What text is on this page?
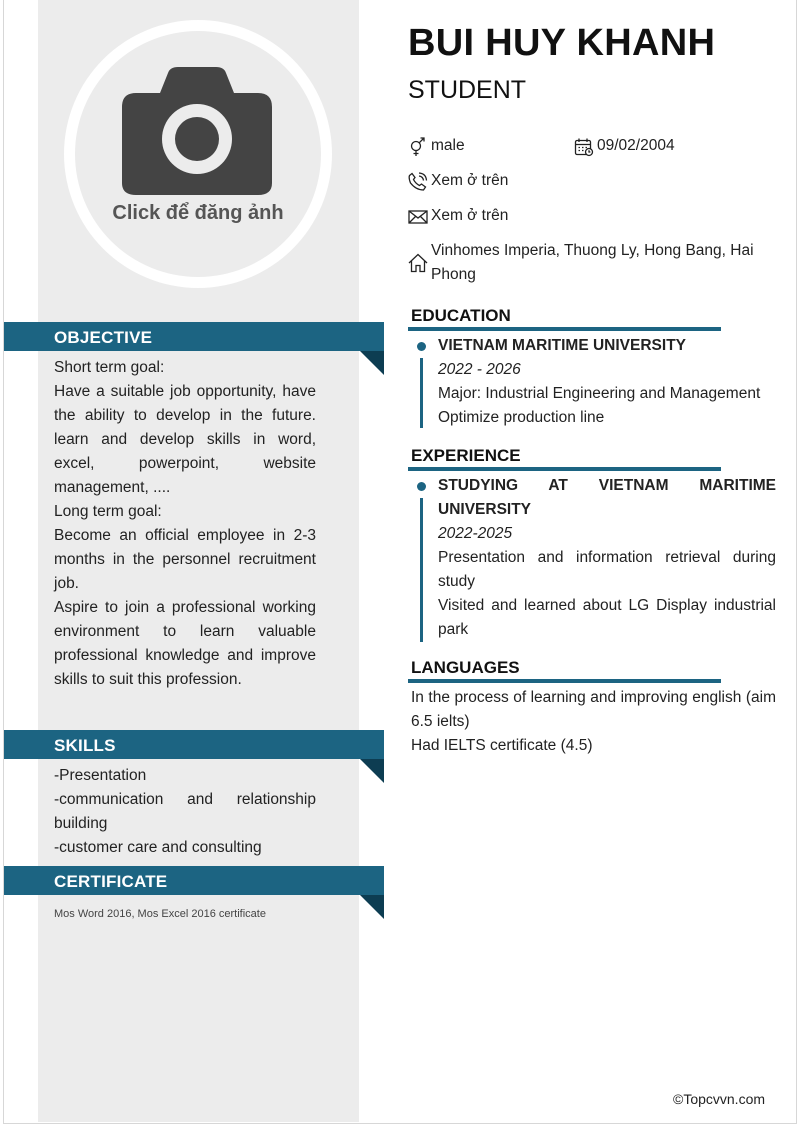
Click để đăng ảnh
OBJECTIVE

Short term goal:

Have a suitable job opportunity, have the ability to develop in the future. learn and develop skills in word, excel, powerpoint, website management, ....

Long term goal:

Become an official employee in 2-3 months in the personnel recruitment job.

Aspire to join a professional working environment to learn valuable professional knowledge and improve skills to suit this profession.

SKILLS

-Presentation

-communication and relationship building

-customer care and consulting

CERTIFICATE
Mos Word 2016, Mos Excel 2016 certificate
BUI HUY KHANH
STUDENT
male	09/02/2004
Xem ở trên
Xem ở trên
Vinhomes Imperia, Thuong Ly, Hong Bang, Hai Phong
EDUCATION
VIETNAM MARITIME UNIVERSITY
2022 - 2026

Major: Industrial Engineering and Management

Optimize production line

EXPERIENCE
STUDYING AT VIETNAM MARITIME UNIVERSITY
2022-2025

Presentation and information retrieval during study

Visited and learned about LG Display industrial park

LANGUAGES

In the process of learning and improving english (aim 6.5 ielts)

Had IELTS certificate (4.5)

©Topcvvn.com
